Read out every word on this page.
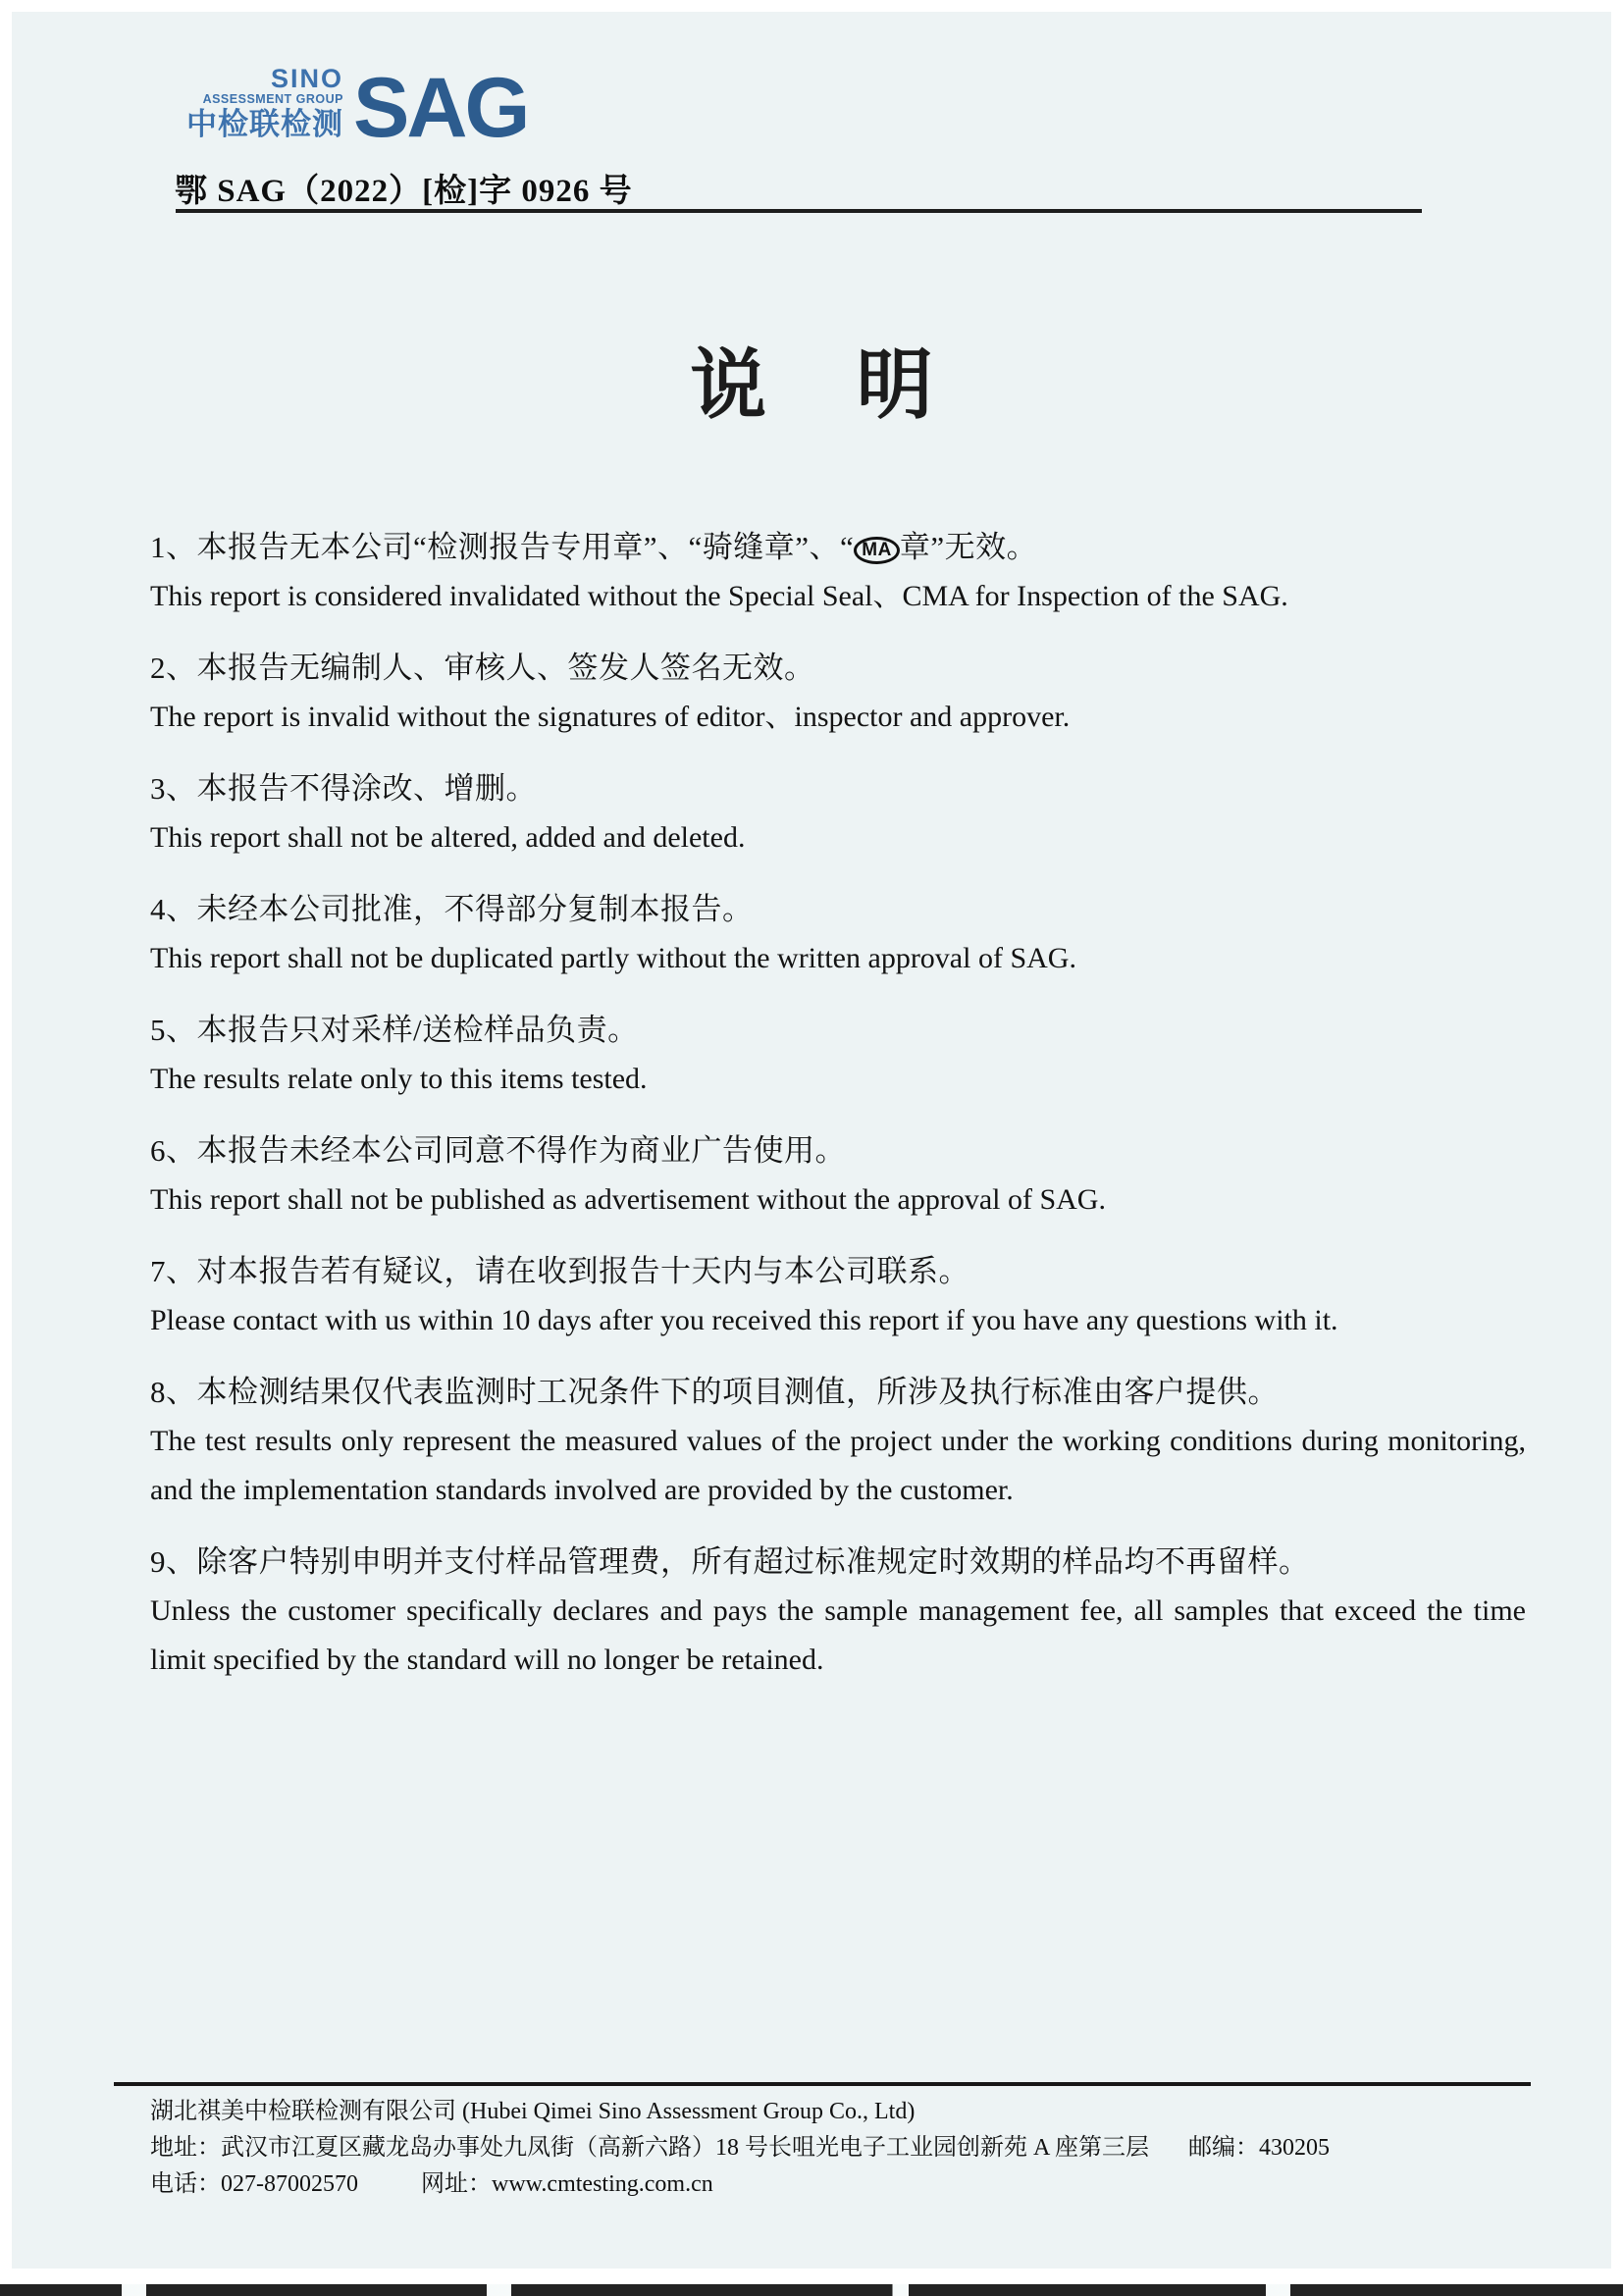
SINO
ASSESSMENT GROUP
中检联检测 SAG
鄂 SAG（2022）[检]字 0926 号
说 明
1、本报告无本公司“检测报告专用章”、“骑缝章”、“ MA 章”无效。
This report is considered invalidated without the Special Seal、CMA for Inspection of the SAG.
2、本报告无编制人、审核人、签发人签名无效。
The report is invalid without the signatures of editor、inspector and approver.
3、本报告不得涂改、增删。
This report shall not be altered, added and deleted.
4、未经本公司批准，不得部分复制本报告。
This report shall not be duplicated partly without the written approval of SAG.
5、本报告只对采样/送检样品负责。
The results relate only to this items tested.
6、本报告未经本公司同意不得作为商业广告使用。
This report shall not be published as advertisement without the approval of SAG.
7、对本报告若有疑议，请在收到报告十天内与本公司联系。
Please contact with us within 10 days after you received this report if you have any questions with it.
8、本检测结果仅代表监测时工况条件下的项目测值，所涉及执行标准由客户提供。
The test results only represent the measured values of the project under the working conditions during monitoring, and the implementation standards involved are provided by the customer.
9、除客户特别申明并支付样品管理费，所有超过标准规定时效期的样品均不再留样。
Unless the customer specifically declares and pays the sample management fee, all samples that exceed the time limit specified by the standard will no longer be retained.
湖北祺美中检联检测有限公司 (Hubei Qimei Sino Assessment Group Co., Ltd)
地址：武汉市江夏区藏龙岛办事处九凤街（高新六路）18 号长咀光电子工业园创新苑 A 座第三层 邮编：430205
电话：027-87002570	网址：www.cmtesting.com.cn
